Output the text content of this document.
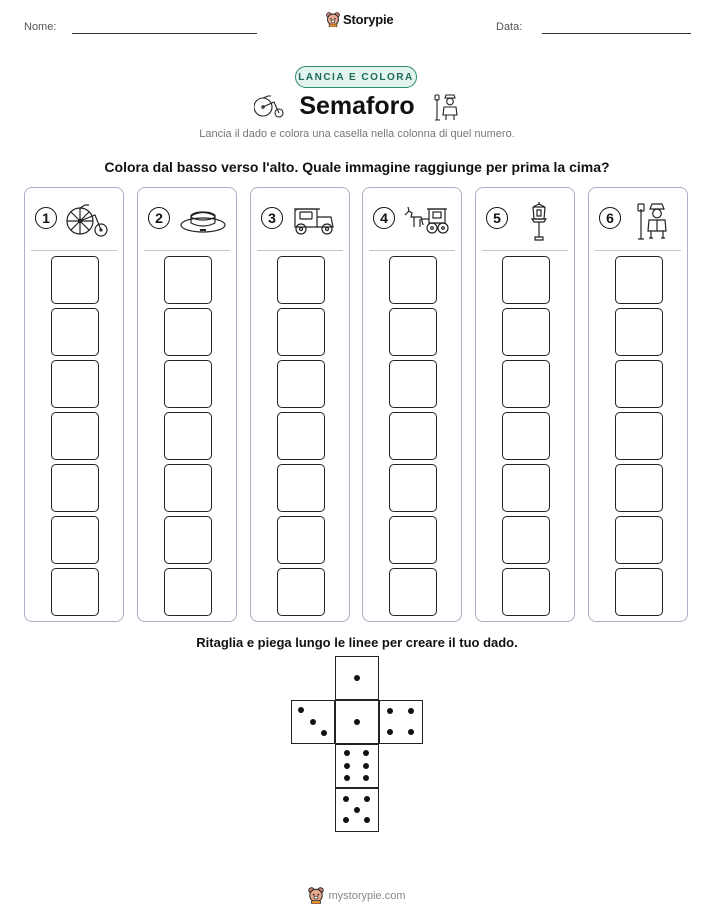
Nome:	Data:
Storypie
LANCIA E COLORA
Semaforo
Lancia il dado e colora una casella nella colonna di quel numero.
Colora dal basso verso l'alto. Quale immagine raggiunge per prima la cima?
1	2	3	4	5	6
Ritaglia e piega lungo le linee per creare il tuo dado.
mystorypie.com
